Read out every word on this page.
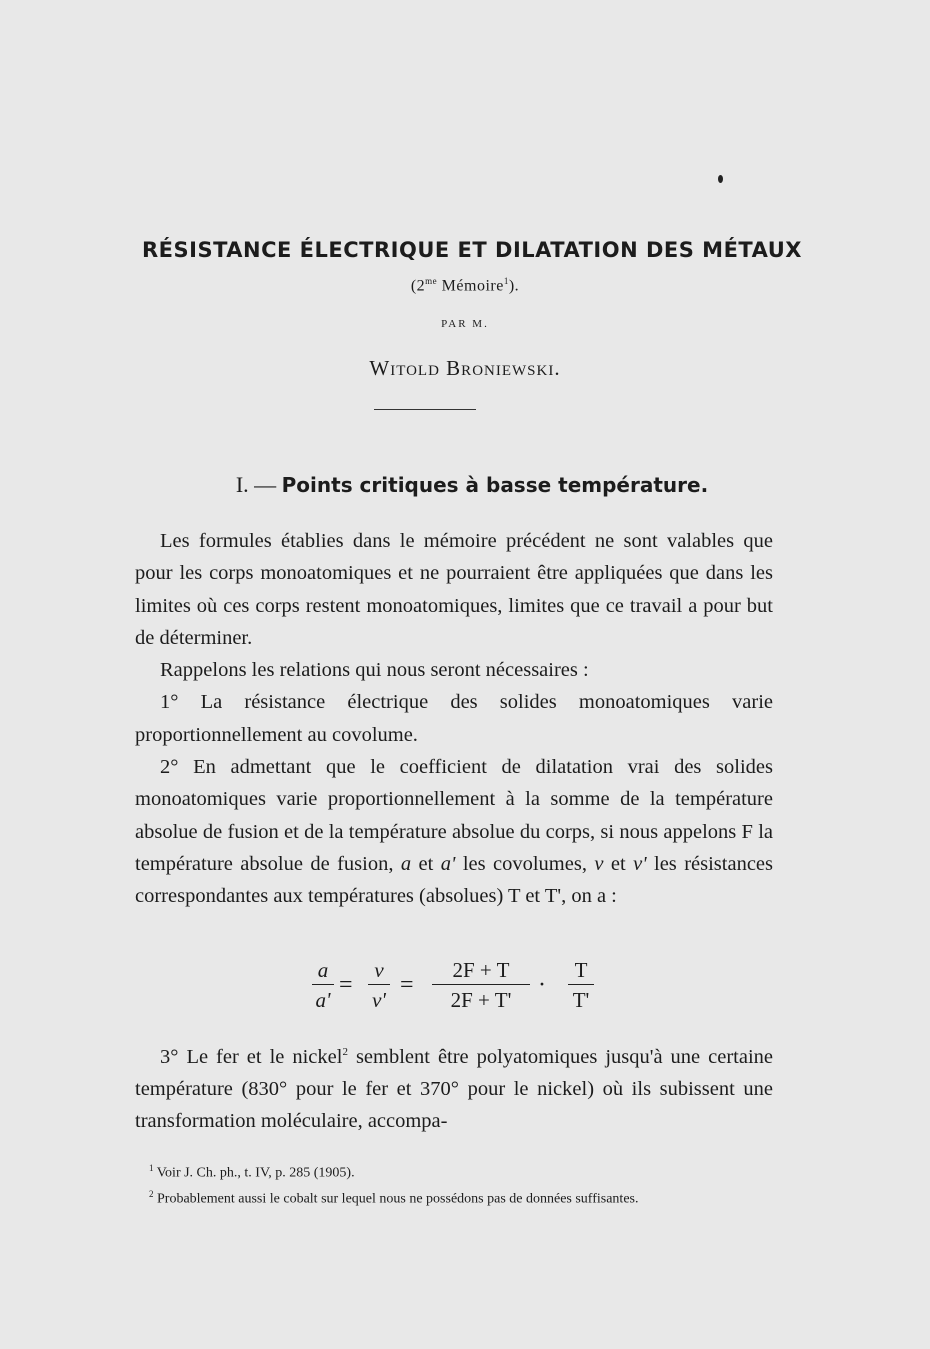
RÉSISTANCE ÉLECTRIQUE ET DILATATION DES MÉTAUX
($2^{me}$ Mémoire$^1$).
PAR M.
Witold Broniewski.
I. — Points critiques à basse température.

Les formules établies dans le mémoire précédent ne sont valables que pour les corps monoatomiques et ne pourraient être appliquées que dans les limites où ces corps restent monoatomiques, limites que ce travail a pour but de déterminer.

Rappelons les relations qui nous seront nécessaires :

1° La résistance électrique des solides monoatomiques varie proportionnellement au covolume.

2° En admettant que le coefficient de dilatation vrai des solides monoatomiques varie proportionnellement à la somme de la température absolue de fusion et de la température absolue du corps, si nous appelons F la température absolue de fusion, a et a' les covolumes, v et v' les résistances correspondantes aux températures (absolues) T et T', on a :

a
a'
=
v
v'
=
2F + T
2F + T'
·
T
T'

3° Le fer et le nickel$^2$ semblent être polyatomiques jusqu'à une certaine température (830° pour le fer et 370° pour le nickel) où ils subissent une transformation moléculaire, accompa-

$^1$ Voir J. Ch. ph., t. IV, p. 285 (1905).

$^2$ Probablement aussi le cobalt sur lequel nous ne possédons pas de données suffisantes.
